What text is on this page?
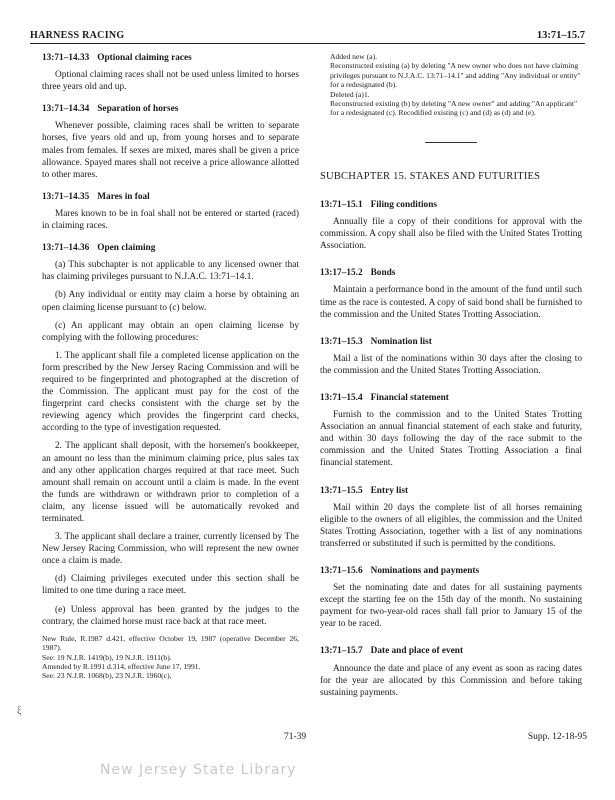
HARNESS RACING	13:71–15.7
13:71–14.33 Optional claiming races

Optional claiming races shall not be used unless limited to horses three years old and up.

13:71–14.34 Separation of horses

Whenever possible, claiming races shall be written to separate horses, five years old and up, from young horses and to separate males from females. If sexes are mixed, mares shall be given a price allowance. Spayed mares shall not receive a price allowance allotted to other mares.

13:71–14.35 Mares in foal

Mares known to be in foal shall not be entered or started (raced) in claiming races.

13:71–14.36 Open claiming

(a) This subchapter is not applicable to any licensed owner that has claiming privileges pursuant to N.J.A.C. 13:71–14.1.

(b) Any individual or entity may claim a horse by obtaining an open claiming license pursuant to (c) below.

(c) An applicant may obtain an open claiming license by complying with the following procedures:

1. The applicant shall file a completed license application on the form prescribed by the New Jersey Racing Commission and will be required to be fingerprinted and photographed at the discretion of the Commission. The applicant must pay for the cost of the fingerprint card checks consistent with the charge set by the reviewing agency which provides the fingerprint card checks, according to the type of investigation requested.

2. The applicant shall deposit, with the horsemen's bookkeeper, an amount no less than the minimum claiming price, plus sales tax and any other application charges required at that race meet. Such amount shall remain on account until a claim is made. In the event the funds are withdrawn or withdrawn prior to completion of a claim, any license issued will be automatically revoked and terminated.

3. The applicant shall declare a trainer, currently licensed by The New Jersey Racing Commission, who will represent the new owner once a claim is made.

(d) Claiming privileges executed under this section shall be limited to one time during a race meet.

(e) Unless approval has been granted by the judges to the contrary, the claimed horse must race back at that race meet.

New Rule, R.1987 d.421, effective October 19, 1987 (operative December 26, 1987).

See: 19 N.J.R. 1419(b), 19 N.J.R. 1911(b).

Amended by R.1991 d.314, effective June 17, 1991.

See: 23 N.J.R. 1068(b), 23 N.J.R. 1960(c).

Added new (a).

Reconstructed existing (a) by deleting "A new owner who does not have claiming privileges pursuant to N.J.A.C. 13:71–14.1" and adding "Any individual or entity" for a redesignated (b).

Deleted (a)1.

Reconstructed existing (b) by deleting "A new owner" and adding "An applicant" for a redesignated (c). Recodified existing (c) and (d) as (d) and (e).

SUBCHAPTER 15. STAKES AND FUTURITIES
13:71–15.1 Filing conditions

Annually file a copy of their conditions for approval with the commission. A copy shall also be filed with the United States Trotting Association.

13:17–15.2 Bonds

Maintain a performance bond in the amount of the fund until such time as the race is contested. A copy of said bond shall be furnished to the commission and the United States Trotting Association.

13:71–15.3 Nomination list

Mail a list of the nominations within 30 days after the closing to the commission and the United States Trotting Association.

13:71–15.4 Financial statement

Furnish to the commission and to the United States Trotting Association an annual financial statement of each stake and futurity, and within 30 days following the day of the race submit to the commission and the United States Trotting Association a final financial statement.

13:71–15.5 Entry list

Mail within 20 days the complete list of all horses remaining eligible to the owners of all eligibles, the commission and the United States Trotting Association, together with a list of any nominations transferred or substituted if such is permitted by the conditions.

13:71–15.6 Nominations and payments

Set the nominating date and dates for all sustaining payments except the starting fee on the 15th day of the month. No sustaining payment for two-year-old races shall fall prior to January 15 of the year to be raced.

13:71–15.7 Date and place of event

Announce the date and place of any event as soon as racing dates for the year are allocated by this Commission and before taking sustaining payments.

ξ
71-39	Supp. 12-18-95
New Jersey State Library
